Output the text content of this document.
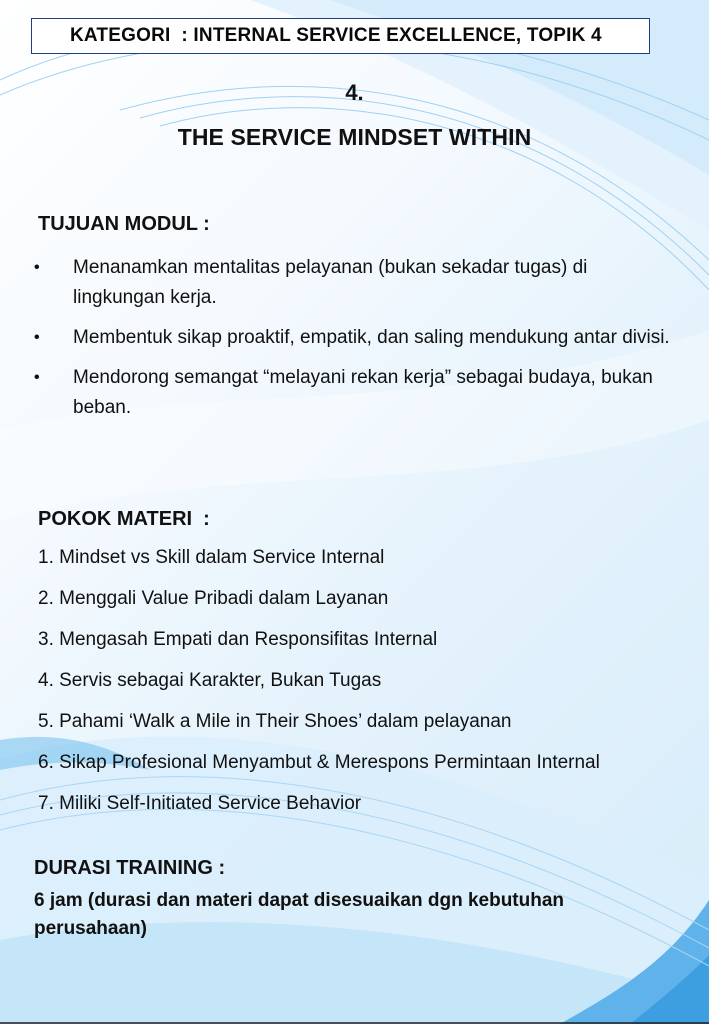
KATEGORI  : INTERNAL SERVICE EXCELLENCE, TOPIK 4
4.
THE SERVICE MINDSET WITHIN
TUJUAN MODUL :
• Menanamkan mentalitas pelayanan (bukan sekadar tugas) di lingkungan kerja.
• Membentuk sikap proaktif, empatik, dan saling mendukung antar divisi.
• Mendorong semangat “melayani rekan kerja” sebagai budaya, bukan beban.
POKOK MATERI  :
1. Mindset vs Skill dalam Service Internal
2. Menggali Value Pribadi dalam Layanan
3. Mengasah Empati dan Responsifitas Internal
4. Servis sebagai Karakter, Bukan Tugas
5. Pahami ‘Walk a Mile in Their Shoes’ dalam pelayanan
6. Sikap Profesional Menyambut & Merespons Permintaan Internal
7. Miliki Self-Initiated Service Behavior
DURASI TRAINING :
6 jam (durasi dan materi dapat disesuaikan dgn kebutuhan perusahaan)
